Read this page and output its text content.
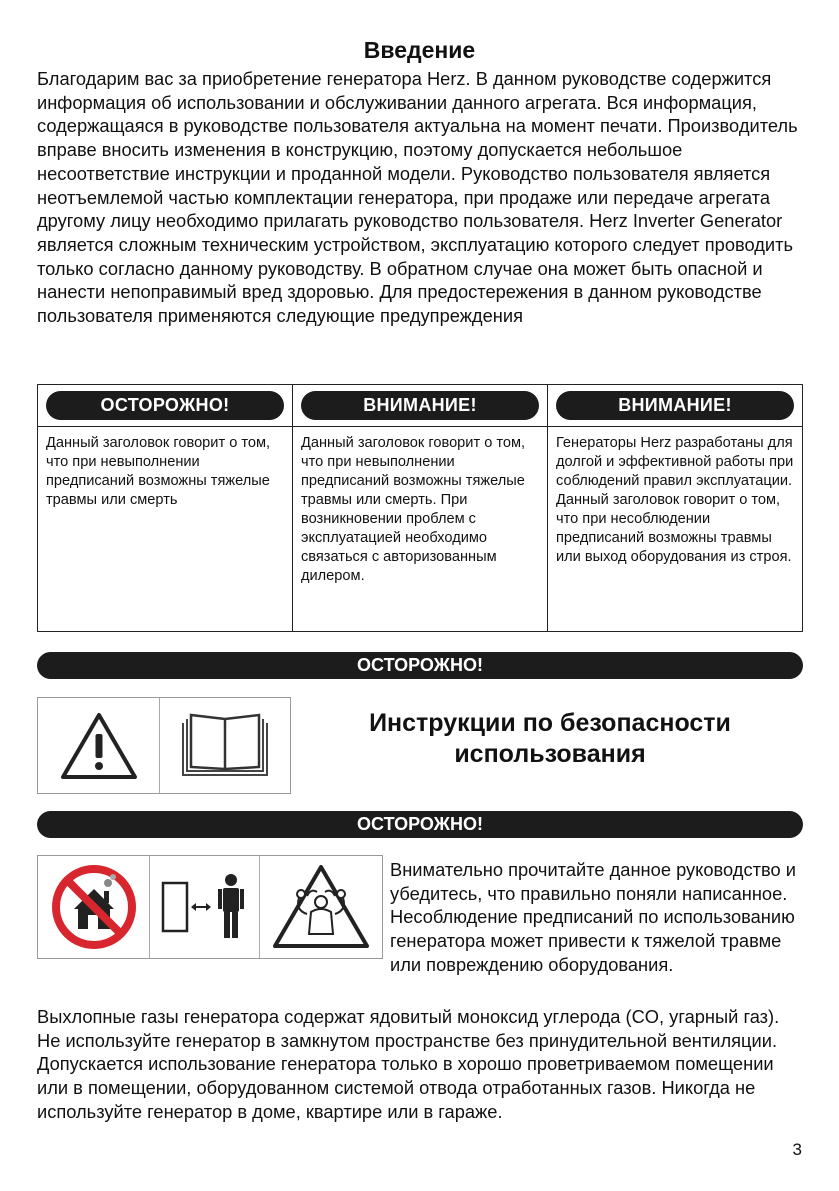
Введение

Благодарим вас за приобретение генератора Herz. В данном руководстве содержится информация об использовании и обслуживании данного агрегата. Вся информация, содержащаяся в руководстве пользователя актуальна на момент печати. Производитель вправе вносить изменения в конструкцию, поэтому допускается небольшое несоответствие инструкции и проданной модели. Руководство пользователя является неотъемлемой частью комплектации генератора, при продаже или передаче агрегата другому лицу необходимо прилагать руководство пользователя. Herz Inverter Generator является сложным техническим устройством, эксплуатацию которого следует проводить только согласно данному руководству. В обратном случае она может быть опасной и нанести непоправимый вред здоровью. Для предостережения в данном руководстве пользователя применяются следующие предупреждения

ОСТОРОЖНО!

Данный заголовок говорит о том, что при невыполнении предписаний возможны тяжелые травмы или смерть

ВНИМАНИЕ!

Данный заголовок говорит о том, что при невыполнении предписаний возможны тяжелые травмы или смерть. При возникновении проблем с эксплуатацией необходимо связаться с авторизованным дилером.

ВНИМАНИЕ!

Генераторы Herz разработаны для долгой и эффективной работы при соблюдений правил эксплуатации. Данный заголовок говорит о том, что при несоблюдении предписаний возможны травмы или выход оборудования из строя.

ОСТОРОЖНО!
Инструкции по безопасности использования
ОСТОРОЖНО!

Внимательно прочитайте данное руководство и убедитесь, что правильно поняли написанное. Несоблюдение предписаний по использованию генератора может привести к тяжелой травме или повреждению оборудования.

Выхлопные газы генератора содержат ядовитый моноксид углерода (CO, угарный газ). Не используйте генератор в замкнутом пространстве без принудительной вентиляции. Допускается использование генератора только в хорошо проветриваемом помещении или в помещении, оборудованном системой отвода отработанных газов. Никогда не используйте генератор в доме, квартире или в гараже.

3
